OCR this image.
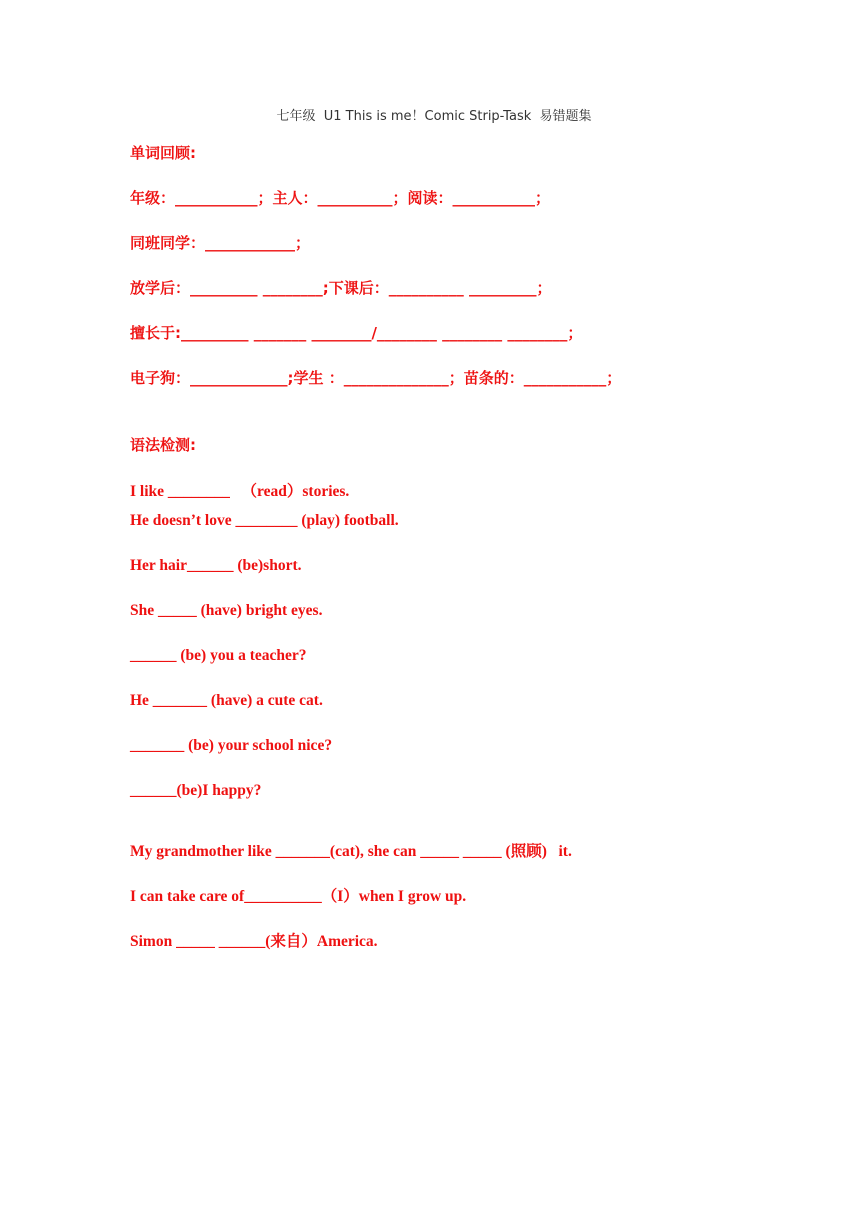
七年级  U1 This is me！Comic Strip-Task  易错题集
单词回顾:
年级：___________；主人：__________；阅读：___________；
同班同学：____________；
放学后：_________ ________;下课后：__________ _________；
擅长于:_________ _______ ________/________ ________ ________；
电子狗：_____________;学生 ：______________；苗条的：___________；
语法检测:
I like ________   （read）stories.
He doesn’t love ________ (play) football.
Her hair______ (be)short.
She _____ (have) bright eyes.
______ (be) you a teacher?
He _______ (have) a cute cat.
_______ (be) your school nice?
______(be)I happy?
My grandmother like _______(cat), she can _____ _____ (照顾)   it.
I can take care of__________（I）when I grow up.
Simon _____ ______(来自）America.
